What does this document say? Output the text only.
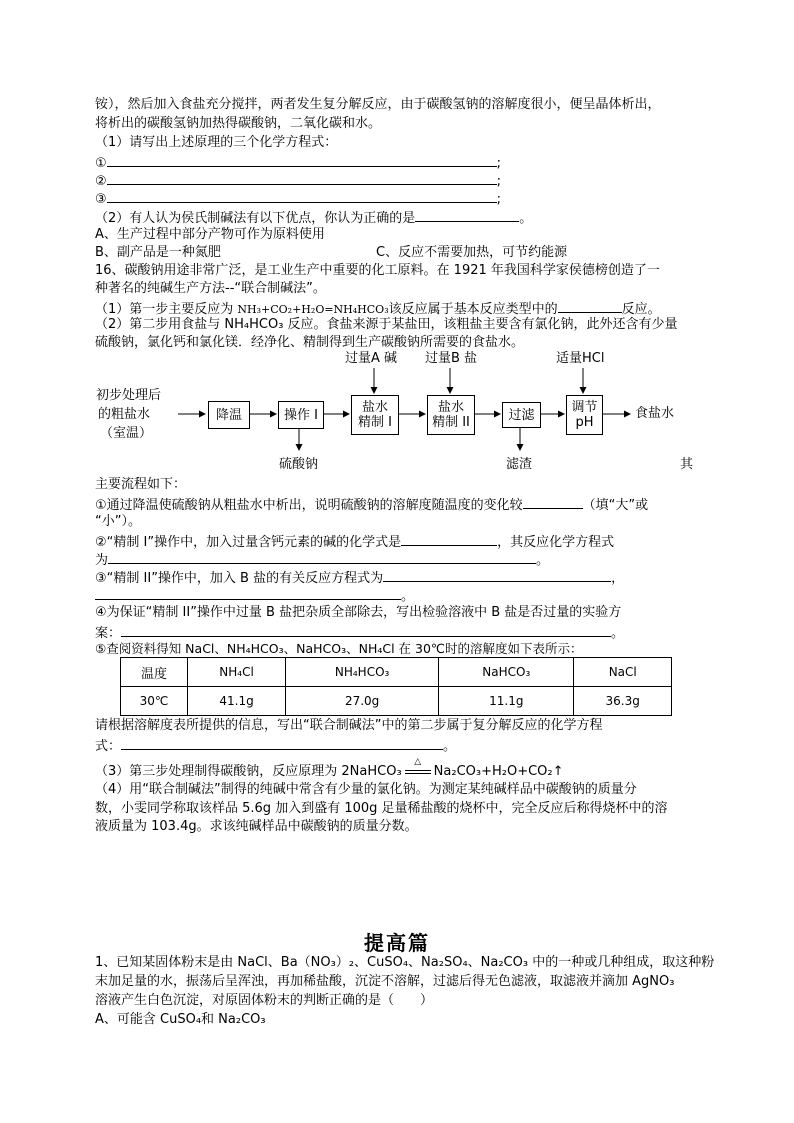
铵），然后加入食盐充分搅拌，两者发生复分解反应，由于碳酸氢钠的溶解度很小，便呈晶体析出，
将析出的碳酸氢钠加热得碳酸钠，二氧化碳和水。
（1）请写出上述原理的三个化学方程式：
①	;
②	;
③	;
（2）有人认为侯氏制碱法有以下优点，你认为正确的是	。
A、生产过程中部分产物可作为原料使用
B、副产品是一种氮肥	C、反应不需要加热，可节约能源
16、碳酸钠用途非常广泛，是工业生产中重要的化工原料。在 1921 年我国科学家侯德榜创造了一
种著名的纯碱生产方法--“联合制碱法”。
（1）第一步主要反应为 NH₃+CO₂+H₂O=NH₄HCO₃该反应属于基本反应类型中的	反应。
（2）第二步用食盐与 NH₄HCO₃ 反应。食盐来源于某盐田，该粗盐主要含有氯化钠，此外还含有少量
硫酸钠，氯化钙和氯化镁．经净化、精制得到生产碳酸钠所需要的食盐水。
初步处理后
的粗盐水
（室温）
降温	操作 I	盐水
精制 I
盐水
精制 II	过滤	调节
pH
食盐水
过量A 碱 过量B 盐	适量HCl
硫酸钠	滤渣	其
主要流程如下：
①通过降温使硫酸钠从粗盐水中析出，说明硫酸钠的溶解度随温度的变化较	（填“大”或
“小”）。
②“精制 I”操作中，加入过量含钙元素的碱的化学式是	，其反应化学方程式
为	。
③“精制 II”操作中，加入 B 盐的有关反应方程式为	，
。
④为保证“精制 II”操作中过量 B 盐把杂质全部除去，写出检验溶液中 B 盐是否过量的实验方
案：	。
⑤查阅资料得知 NaCl、NH₄HCO₃、NaHCO₃、NH₄Cl 在 30℃时的溶解度如下表所示：
温度	NH₄Cl	NH₄HCO₃	NaHCO₃	NaCl
30℃	41.1g	27.0g	11.1g	36.3g
请根据溶解度表所提供的信息，写出“联合制碱法”中的第二步属于复分解反应的化学方程
式：	。
（3）第三步处理制得碳酸钠，反应原理为 2NaHCO₃
△
Na₂CO₃+H₂O+CO₂↑
（4）用“联合制碱法”制得的纯碱中常含有少量的氯化钠。为测定某纯碱样品中碳酸钠的质量分
数，小雯同学称取该样品 5.6g 加入到盛有 100g 足量稀盐酸的烧杯中，完全反应后称得烧杯中的溶
液质量为 103.4g。求该纯碱样品中碳酸钠的质量分数。
提高篇
1、已知某固体粉末是由 NaCl、Ba（NO₃）₂、CuSO₄、Na₂SO₄、Na₂CO₃ 中的一种或几种组成，取这种粉
末加足量的水，振荡后呈浑浊，再加稀盐酸，沉淀不溶解，过滤后得无色滤液，取滤液并滴加 AgNO₃
溶液产生白色沉淀，对原固体粉末的判断正确的是（　　）
A、可能含 CuSO₄和 Na₂CO₃
